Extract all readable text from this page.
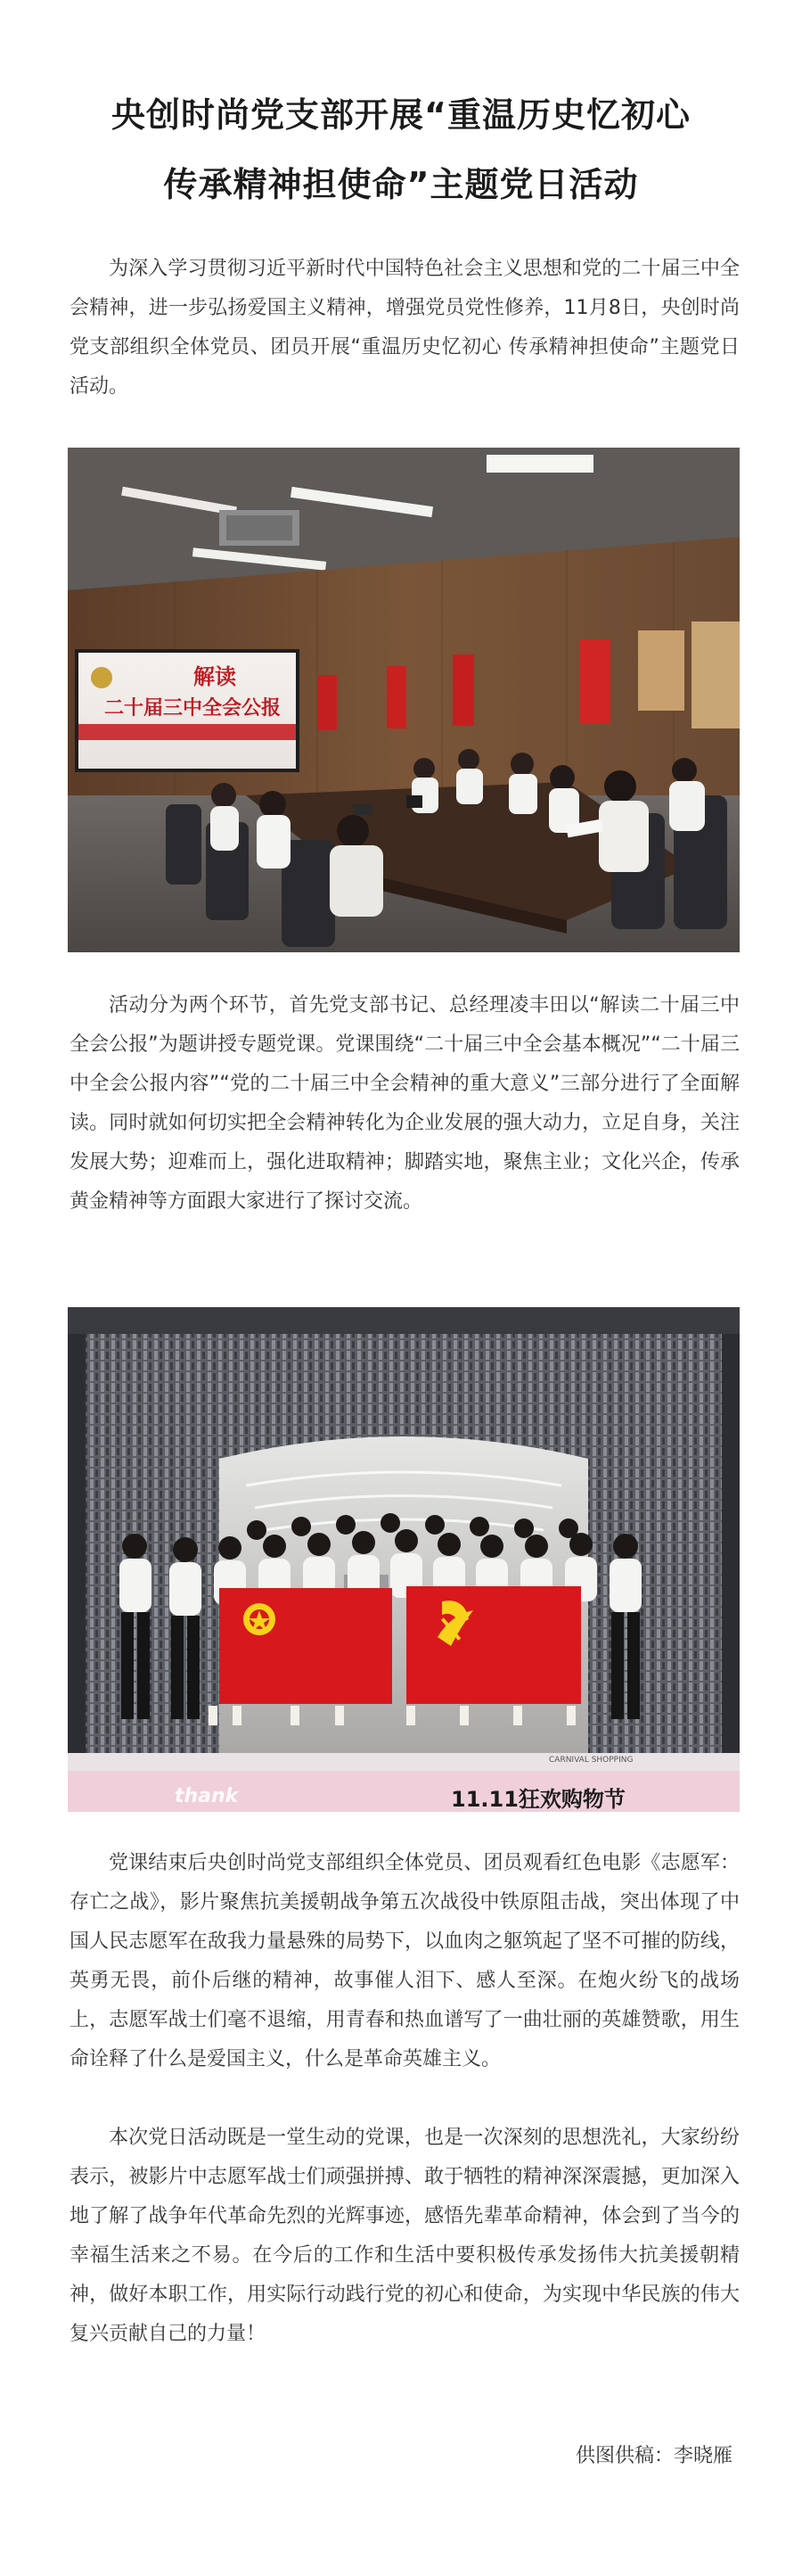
央创时尚党支部开展“重温历史忆初心
传承精神担使命”主题党日活动

为深入学习贯彻习近平新时代中国特色社会主义思想和党的二十届三中全会精神，进一步弘扬爱国主义精神，增强党员党性修养，11月8日，央创时尚党支部组织全体党员、团员开展“重温历史忆初心 传承精神担使命”主题党日活动。

解读
二十届三中全会公报

活动分为两个环节，首先党支部书记、总经理凌丰田以“解读二十届三中全会公报”为题讲授专题党课。党课围绕“二十届三中全会基本概况”“二十届三中全会公报内容”“党的二十届三中全会精神的重大意义”三部分进行了全面解读。同时就如何切实把全会精神转化为企业发展的强大动力，立足自身，关注发展大势；迎难而上，强化进取精神；脚踏实地，聚焦主业；文化兴企，传承黄金精神等方面跟大家进行了探讨交流。

thank	11.11狂欢购物节
CARNIVAL SHOPPING

党课结束后央创时尚党支部组织全体党员、团员观看红色电影《志愿军：存亡之战》，影片聚焦抗美援朝战争第五次战役中铁原阻击战，突出体现了中国人民志愿军在敌我力量悬殊的局势下，以血肉之躯筑起了坚不可摧的防线，英勇无畏，前仆后继的精神，故事催人泪下、感人至深。在炮火纷飞的战场上，志愿军战士们毫不退缩，用青春和热血谱写了一曲壮丽的英雄赞歌，用生命诠释了什么是爱国主义，什么是革命英雄主义。

本次党日活动既是一堂生动的党课，也是一次深刻的思想洗礼，大家纷纷表示，被影片中志愿军战士们顽强拼搏、敢于牺牲的精神深深震撼，更加深入地了解了战争年代革命先烈的光辉事迹，感悟先辈革命精神，体会到了当今的幸福生活来之不易。在今后的工作和生活中要积极传承发扬伟大抗美援朝精神，做好本职工作，用实际行动践行党的初心和使命，为实现中华民族的伟大复兴贡献自己的力量！

供图供稿：李晓雁
